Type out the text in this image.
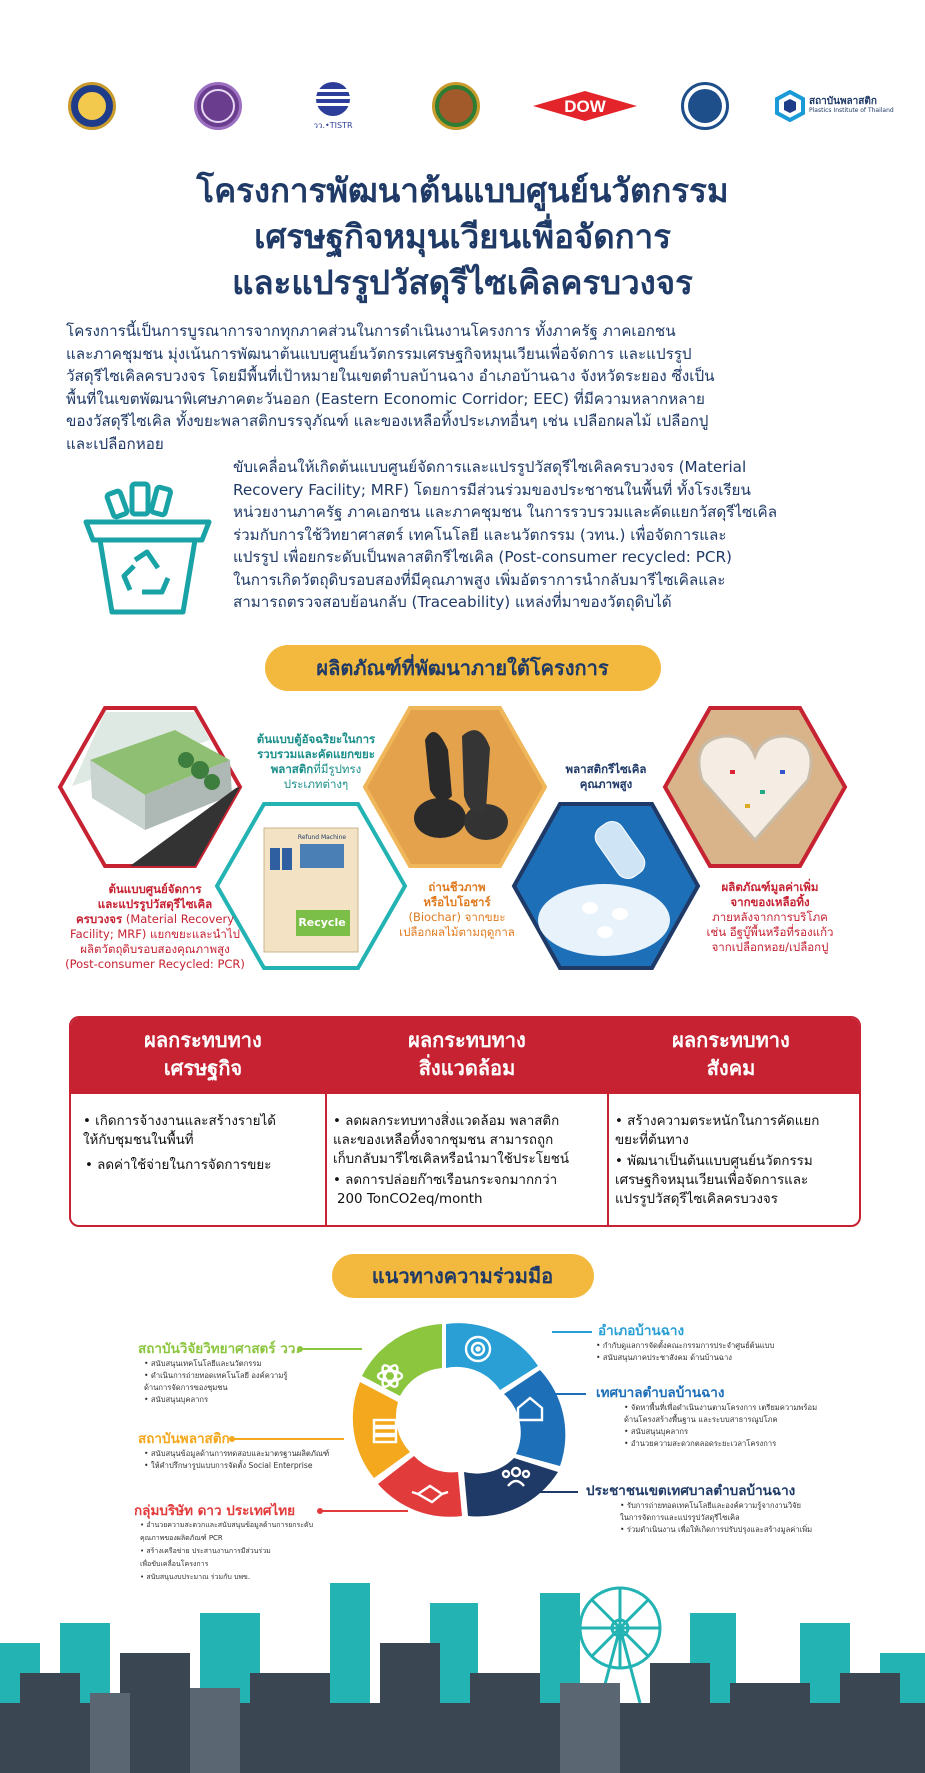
วว.•TISTR
DOW	สถาบันพลาสติก
Plastics Institute of Thailand
โครงการพัฒนาต้นแบบศูนย์นวัตกรรม
เศรษฐกิจหมุนเวียนเพื่อจัดการ
และแปรรูปวัสดุรีไซเคิลครบวงจร
โครงการนี้เป็นการบูรณาการจากทุกภาคส่วนในการดำเนินงานโครงการ ทั้งภาครัฐ ภาคเอกชน
และภาคชุมชน มุ่งเน้นการพัฒนาต้นแบบศูนย์นวัตกรรมเศรษฐกิจหมุนเวียนเพื่อจัดการ และแปรรูป
วัสดุรีไซเคิลครบวงจร โดยมีพื้นที่เป้าหมายในเขตตำบลบ้านฉาง อำเภอบ้านฉาง จังหวัดระยอง ซึ่งเป็น
พื้นที่ในเขตพัฒนาพิเศษภาคตะวันออก (Eastern Economic Corridor; EEC) ที่มีความหลากหลาย
ของวัสดุรีไซเคิล ทั้งขยะพลาสติกบรรจุภัณฑ์ และของเหลือทิ้งประเภทอื่นๆ เช่น เปลือกผลไม้ เปลือกปู
และเปลือกหอย
ขับเคลื่อนให้เกิดต้นแบบศูนย์จัดการและแปรรูปวัสดุรีไซเคิลครบวงจร (Material
Recovery Facility; MRF) โดยการมีส่วนร่วมของประชาชนในพื้นที่ ทั้งโรงเรียน
หน่วยงานภาครัฐ ภาคเอกชน และภาคชุมชน ในการรวบรวมและคัดแยกวัสดุรีไซเคิล
ร่วมกับการใช้วิทยาศาสตร์ เทคโนโลยี และนวัตกรรม (วทน.) เพื่อจัดการและ
แปรรูป เพื่อยกระดับเป็นพลาสติกรีไซเคิล (Post-consumer recycled: PCR)
ในการเกิดวัตถุดิบรอบสองที่มีคุณภาพสูง เพิ่มอัตราการนำกลับมารีไซเคิลและ
สามารถตรวจสอบย้อนกลับ (Traceability) แหล่งที่มาของวัตถุดิบได้
ผลิตภัณฑ์ที่พัฒนาภายใต้โครงการ
Recycle
Refund Machine
ต้นแบบตู้อัจฉริยะในการ
รวบรวมและคัดแยกขยะ
พลาสติกที่มีรูปทรง
ประเภทต่างๆ
ต้นแบบศูนย์จัดการ
และแปรรูปวัสดุรีไซเคิล
ครบวงจร (Material Recovery
Facility; MRF) แยกขยะและนำไป
ผลิตวัตถุดิบรอบสองคุณภาพสูง
(Post-consumer Recycled: PCR)
ถ่านชีวภาพ
หรือไบโอชาร์
(Biochar) จากขยะ
เปลือกผลไม้ตามฤดูกาล
พลาสติกรีไซเคิล
คุณภาพสูง
ผลิตภัณฑ์มูลค่าเพิ่ม
จากของเหลือทิ้ง
ภายหลังจากการบริโภค
เช่น อีฐบู๊พื้นหรือที่รองแก้ว
จากเปลือกหอย/เปลือกปู
ผลกระทบทาง
เศรษฐกิจ
ผลกระทบทาง
สิ่งแวดล้อม
ผลกระทบทาง
สังคม
• เกิดการจ้างงานและสร้างรายได้
ให้กับชุมชนในพื้นที่
• ลดค่าใช้จ่ายในการจัดการขยะ
• ลดผลกระทบทางสิ่งแวดล้อม พลาสติก
และของเหลือทิ้งจากชุมชน สามารถถูก
เก็บกลับมารีไซเคิลหรือนำมาใช้ประโยชน์
• ลดการปล่อยก๊าซเรือนกระจกมากกว่า
200 TonCO2eq/month
• สร้างความตระหนักในการคัดแยก
ขยะที่ต้นทาง
• พัฒนาเป็นต้นแบบศูนย์นวัตกรรม
เศรษฐกิจหมุนเวียนเพื่อจัดการและ
แปรรูปวัสดุรีไซเคิลครบวงจร
แนวทางความร่วมมือ
สถาบันวิจัยวิทยาศาสตร์ วว.
• สนับสนุนเทคโนโลยีและนวัตกรรม
• ดำเนินการถ่ายทอดเทคโนโลยี องค์ความรู้
ด้านการจัดการของชุมชน
• สนับสนุนบุคลากร
สถาบันพลาสติก
• สนับสนุนข้อมูลด้านการทดสอบและมาตรฐานผลิตภัณฑ์
• ให้คำปรึกษารูปแบบการจัดตั้ง Social Enterprise
กลุ่มบริษัท ดาว ประเทศไทย
• อำนวยความสะดวกและสนับสนุนข้อมูลด้านการยกระดับ
อำเภอบ้านฉาง
• กำกับดูแลการจัดตั้งคณะกรรมการประจำศูนย์ต้นแบบ
• สนับสนุนภาคประชาสังคม ด้านบ้านฉาง
เทศบาลตำบลบ้านฉาง
• จัดหาพื้นที่เพื่อดำเนินงานตามโครงการ เตรียมความพร้อม
ด้านโครงสร้างพื้นฐาน และระบบสาธารณูปโภค
• สนับสนุนบุคลากร
• อำนวยความสะดวกตลอดระยะเวลาโครงการ
ประชาชนเขตเทศบาลตำบลบ้านฉาง
• รับการถ่ายทอดเทคโนโลยีและองค์ความรู้จากงานวิจัย
ในการจัดการและแปรรูปวัสดุรีไซเคิล
• ร่วมดำเนินงาน เพื่อให้เกิดการปรับปรุงและสร้างมูลค่าเพิ่ม
คุณภาพของผลิตภัณฑ์ PCR
• สร้างเครือข่าย ประสานงานการมีส่วนร่วม
เพื่อขับเคลื่อนโครงการ
• สนับสนุนงบประมาณ ร่วมกับ บพข.
